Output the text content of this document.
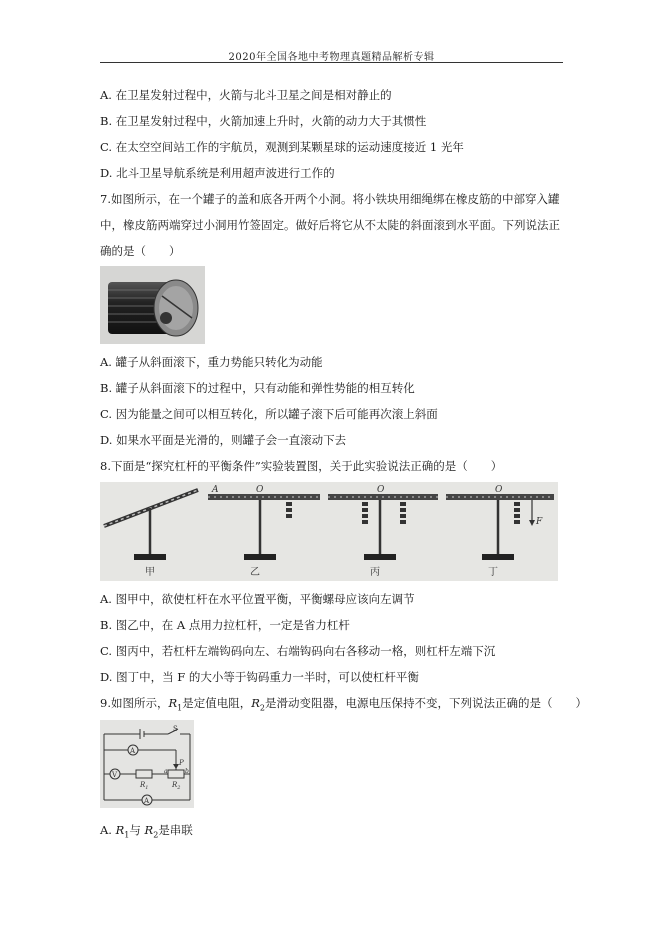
2020年全国各地中考物理真题精品解析专辑
A. 在卫星发射过程中，火箭与北斗卫星之间是相对静止的
B. 在卫星发射过程中，火箭加速上升时，火箭的动力大于其惯性
C. 在太空空间站工作的宇航员，观测到某颗星球的运动速度接近 1 光年
D. 北斗卫星导航系统是利用超声波进行工作的
7.如图所示，在一个罐子的盖和底各开两个小洞。将小铁块用细绳绑在橡皮筋的中部穿入罐
中，橡皮筋两端穿过小洞用竹签固定。做好后将它从不太陡的斜面滚到水平面。下列说法正
确的是（　　）
A. 罐子从斜面滚下，重力势能只转化为动能
B. 罐子从斜面滚下的过程中，只有动能和弹性势能的相互转化
C. 因为能量之间可以相互转化，所以罐子滚下后可能再次滚上斜面
D. 如果水平面是光滑的，则罐子会一直滚动下去
8.下面是“探究杠杆的平衡条件”实验装置图，关于此实验说法正确的是（　　）
甲
A	O
乙
O
丙
F
O
丁
A. 图甲中，欲使杠杆在水平位置平衡，平衡螺母应该向左调节
B. 图乙中，在 A 点用力拉杠杆，一定是省力杠杆
C. 图丙中，若杠杆左端钩码向左、右端钩码向右各移动一格，则杠杆左端下沉
D. 图丁中，当 F 的大小等于钩码重力一半时，可以使杠杆平衡
9.如图所示，$R_1$是定值电阻，$R_2$是滑动变阻器，电源电压保持不变，下列说法正确的是（　　）
A
V
A
S
P
a	b
$R_1$	$R_2$
A. $R_1$与 $R_2$是串联
